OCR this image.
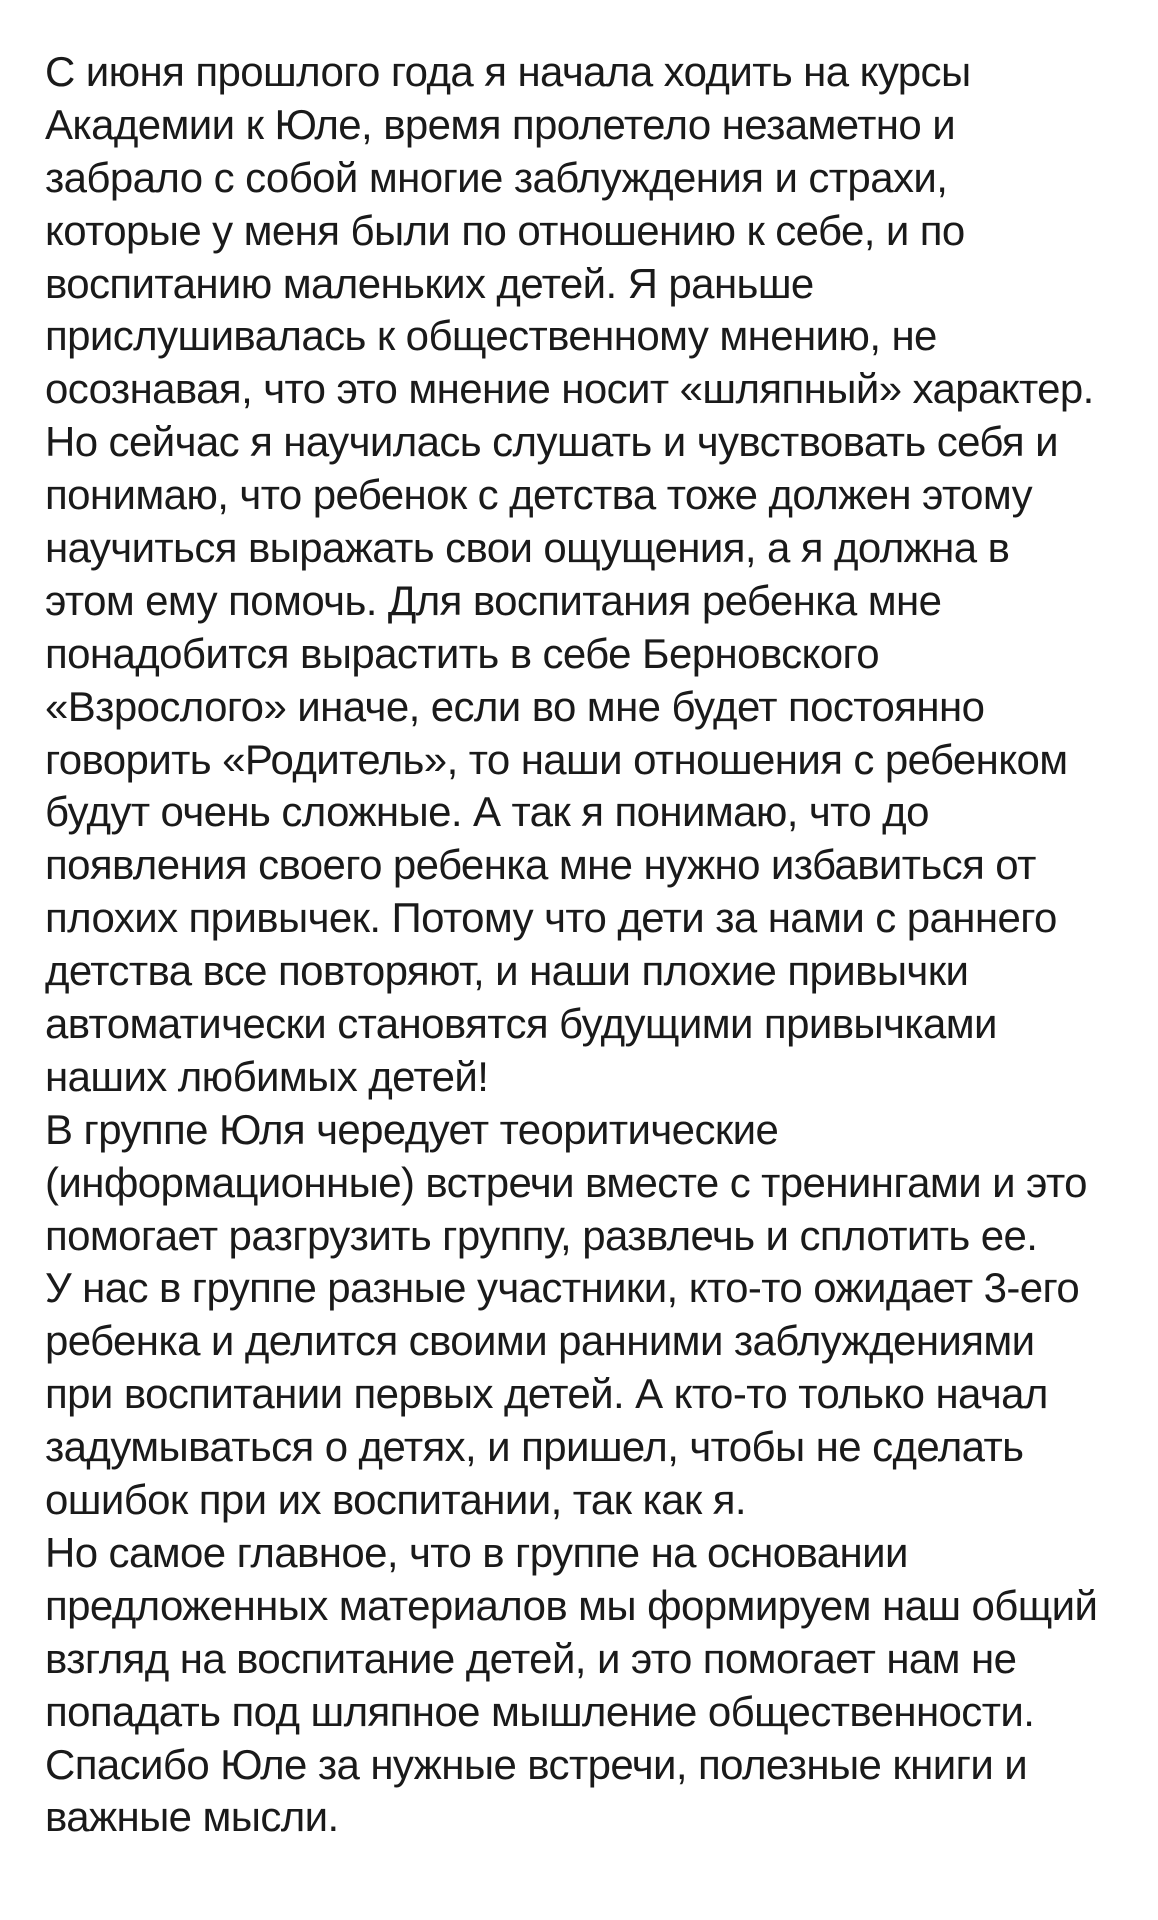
С июня прошлого года я начала ходить на курсы
Академии к Юле, время пролетело незаметно и
забрало с собой многие заблуждения и страхи,
которые у меня были по отношению к себе, и по
воспитанию маленьких детей. Я раньше
прислушивалась к общественному мнению, не
осознавая, что это мнение носит «шляпный» характер.
Но сейчас я научилась слушать и чувствовать себя и
понимаю, что ребенок с детства тоже должен этому
научиться выражать свои ощущения, а я должна в
этом ему помочь. Для воспитания ребенка мне
понадобится вырастить в себе Берновского
«Взрослого» иначе, если во мне будет постоянно
говорить «Родитель», то наши отношения с ребенком
будут очень сложные. А так я понимаю, что до
появления своего ребенка мне нужно избавиться от
плохих привычек. Потому что дети за нами с раннего
детства все повторяют, и наши плохие привычки
автоматически становятся будущими привычками
наших любимых детей!
В группе Юля чередует теоритические
(информационные) встречи вместе с тренингами и это
помогает разгрузить группу, развлечь и сплотить ее.
У нас в группе разные участники, кто-то ожидает 3-его
ребенка и делится своими ранними заблуждениями
при воспитании первых детей. А кто-то только начал
задумываться о детях, и пришел, чтобы не сделать
ошибок при их воспитании, так как я.
Но самое главное, что в группе на основании
предложенных материалов мы формируем наш общий
взгляд на воспитание детей, и это помогает нам не
попадать под шляпное мышление общественности.
Спасибо Юле за нужные встречи, полезные книги и
важные мысли.
